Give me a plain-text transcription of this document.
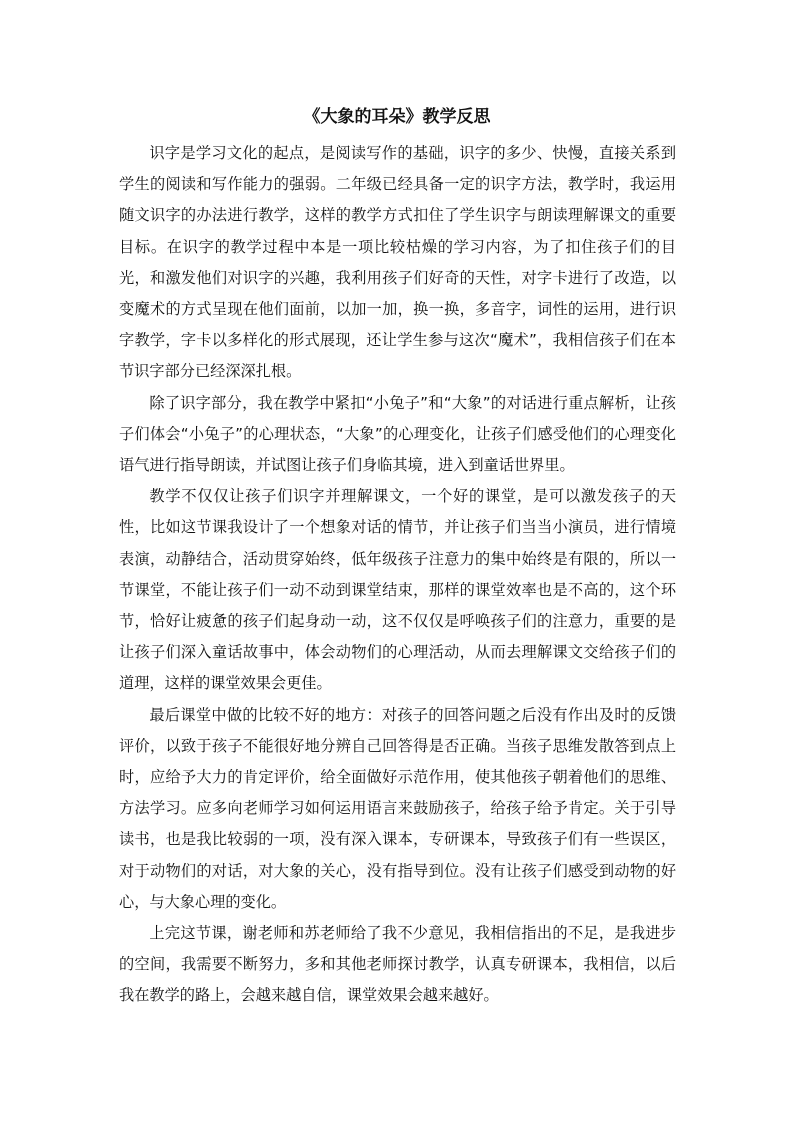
《大象的耳朵》教学反思

识字是学习文化的起点，是阅读写作的基础，识字的多少、快慢，直接关系到学生的阅读和写作能力的强弱。二年级已经具备一定的识字方法，教学时，我运用随文识字的办法进行教学，这样的教学方式扣住了学生识字与朗读理解课文的重要目标。在识字的教学过程中本是一项比较枯燥的学习内容，为了扣住孩子们的目光，和激发他们对识字的兴趣，我利用孩子们好奇的天性，对字卡进行了改造，以变魔术的方式呈现在他们面前，以加一加，换一换，多音字，词性的运用，进行识字教学，字卡以多样化的形式展现，还让学生参与这次“魔术”，我相信孩子们在本节识字部分已经深深扎根。

除了识字部分，我在教学中紧扣“小兔子”和“大象”的对话进行重点解析，让孩子们体会“小兔子”的心理状态，“大象”的心理变化，让孩子们感受他们的心理变化语气进行指导朗读，并试图让孩子们身临其境，进入到童话世界里。

教学不仅仅让孩子们识字并理解课文，一个好的课堂，是可以激发孩子的天性，比如这节课我设计了一个想象对话的情节，并让孩子们当当小演员，进行情境表演，动静结合，活动贯穿始终，低年级孩子注意力的集中始终是有限的，所以一节课堂，不能让孩子们一动不动到课堂结束，那样的课堂效率也是不高的，这个环节，恰好让疲惫的孩子们起身动一动，这不仅仅是呼唤孩子们的注意力，重要的是让孩子们深入童话故事中，体会动物们的心理活动，从而去理解课文交给孩子们的道理，这样的课堂效果会更佳。

最后课堂中做的比较不好的地方：对孩子的回答问题之后没有作出及时的反馈评价，以致于孩子不能很好地分辨自己回答得是否正确。当孩子思维发散答到点上时，应给予大力的肯定评价，给全面做好示范作用，使其他孩子朝着他们的思维、方法学习。应多向老师学习如何运用语言来鼓励孩子，给孩子给予肯定。关于引导读书，也是我比较弱的一项，没有深入课本，专研课本，导致孩子们有一些误区，对于动物们的对话，对大象的关心，没有指导到位。没有让孩子们感受到动物的好心，与大象心理的变化。

上完这节课，谢老师和苏老师给了我不少意见，我相信指出的不足，是我进步的空间，我需要不断努力，多和其他老师探讨教学，认真专研课本，我相信，以后我在教学的路上，会越来越自信，课堂效果会越来越好。
